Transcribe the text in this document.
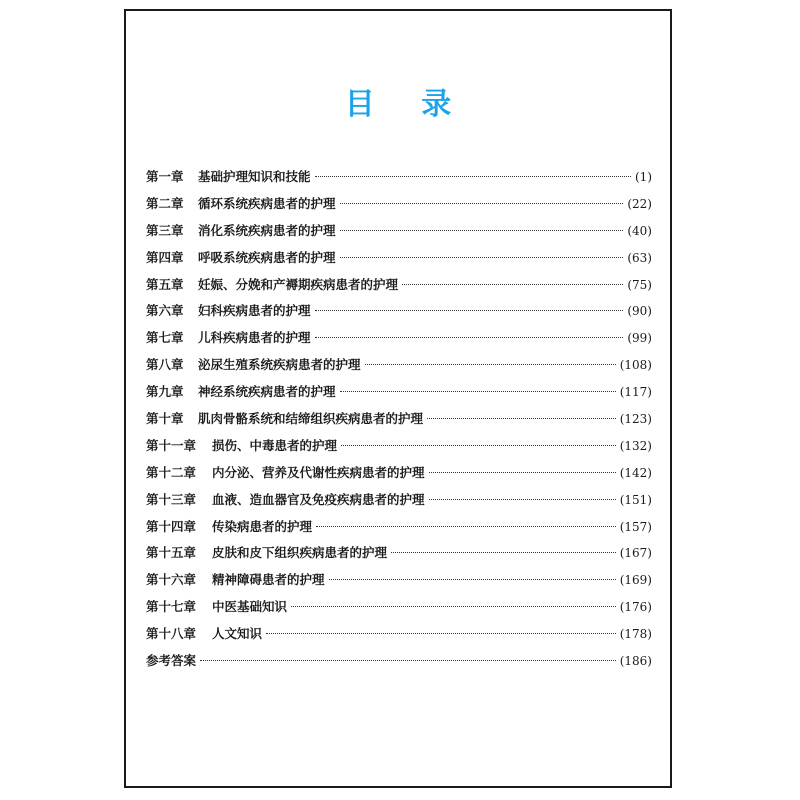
目 录
第一章	基础护理知识和技能	(1)
第二章	循环系统疾病患者的护理	(22)
第三章	消化系统疾病患者的护理	(40)
第四章	呼吸系统疾病患者的护理	(63)
第五章	妊娠、分娩和产褥期疾病患者的护理	(75)
第六章	妇科疾病患者的护理	(90)
第七章	儿科疾病患者的护理	(99)
第八章	泌尿生殖系统疾病患者的护理	(108)
第九章	神经系统疾病患者的护理	(117)
第十章	肌肉骨骼系统和结缔组织疾病患者的护理	(123)
第十一章	损伤、中毒患者的护理	(132)
第十二章	内分泌、营养及代谢性疾病患者的护理	(142)
第十三章	血液、造血器官及免疫疾病患者的护理	(151)
第十四章	传染病患者的护理	(157)
第十五章	皮肤和皮下组织疾病患者的护理	(167)
第十六章	精神障碍患者的护理	(169)
第十七章	中医基础知识	(176)
第十八章	人文知识	(178)
参考答案	(186)
